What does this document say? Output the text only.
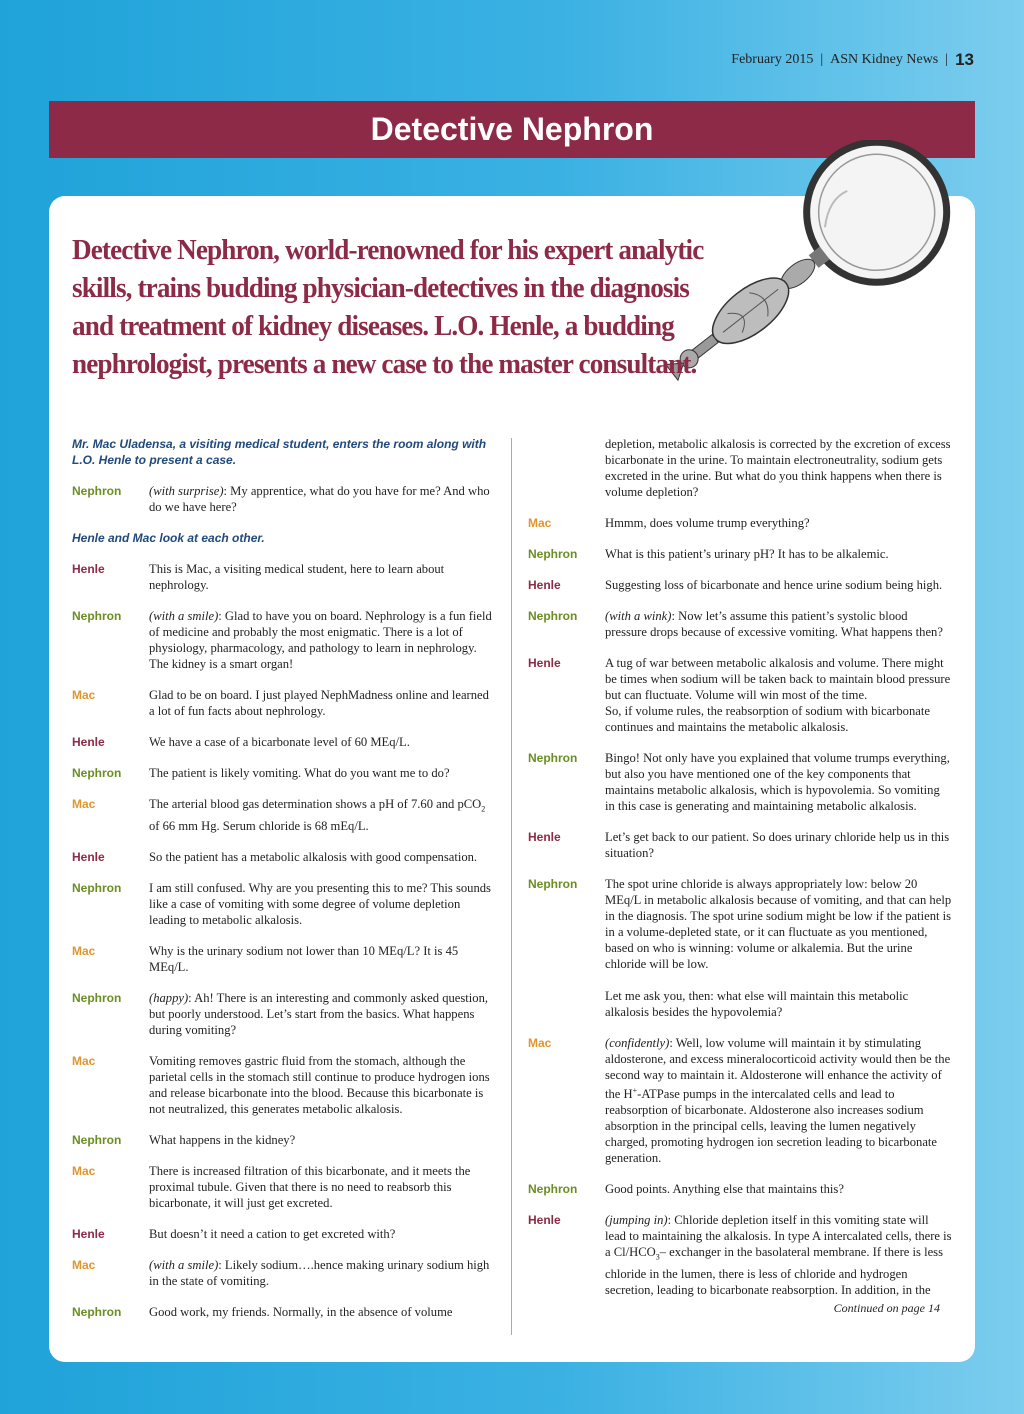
February 2015 | ASN Kidney News | 13
Detective Nephron
Detective Nephron, world-renowned for his expert analytic skills, trains budding physician-detectives in the diagnosis and treatment of kidney diseases. L.O. Henle, a budding nephrologist, presents a new case to the master consultant.
Mr. Mac Uladensa, a visiting medical student, enters the room along with L.O. Henle to present a case.
Nephron	(with surprise): My apprentice, what do you have for me? And who do we have here?
Henle and Mac look at each other.
Henle	This is Mac, a visiting medical student, here to learn about nephrology.
Nephron	(with a smile): Glad to have you on board. Nephrology is a fun field of medicine and probably the most enigmatic. There is a lot of physiology, pharmacology, and pathology to learn in nephrology. The kidney is a smart organ!
Mac	Glad to be on board. I just played NephMadness online and learned a lot of fun facts about nephrology.
Henle	We have a case of a bicarbonate level of 60 MEq/L.
Nephron	The patient is likely vomiting. What do you want me to do?
Mac	The arterial blood gas determination shows a pH of 7.60 and pCO$_2$ of 66 mm Hg. Serum chloride is 68 mEq/L.
Henle	So the patient has a metabolic alkalosis with good compensation.
Nephron	I am still confused. Why are you presenting this to me? This sounds like a case of vomiting with some degree of volume depletion leading to metabolic alkalosis.
Mac	Why is the urinary sodium not lower than 10 MEq/L? It is 45 MEq/L.
Nephron	(happy): Ah! There is an interesting and commonly asked question, but poorly understood. Let’s start from the basics. What happens during vomiting?
Mac	Vomiting removes gastric fluid from the stomach, although the parietal cells in the stomach still continue to produce hydrogen ions and release bicarbonate into the blood. Because this bicarbonate is not neutralized, this generates metabolic alkalosis.
Nephron	What happens in the kidney?
Mac	There is increased filtration of this bicarbonate, and it meets the proximal tubule. Given that there is no need to reabsorb this bicarbonate, it will just get excreted.
Henle	But doesn’t it need a cation to get excreted with?
Mac	(with a smile): Likely sodium….hence making urinary sodium high in the state of vomiting.
Nephron	Good work, my friends. Normally, in the absence of volume
depletion, metabolic alkalosis is corrected by the excretion of excess bicarbonate in the urine. To maintain electroneutrality, sodium gets excreted in the urine. But what do you think happens when there is volume depletion?
Mac	Hmmm, does volume trump everything?
Nephron	What is this patient’s urinary pH? It has to be alkalemic.
Henle	Suggesting loss of bicarbonate and hence urine sodium being high.
Nephron	(with a wink): Now let’s assume this patient’s systolic blood pressure drops because of excessive vomiting. What happens then?
Henle	A tug of war between metabolic alkalosis and volume. There might be times when sodium will be taken back to maintain blood pressure but can fluctuate. Volume will win most of the time.
So, if volume rules, the reabsorption of sodium with bicarbonate continues and maintains the metabolic alkalosis.
Nephron	Bingo! Not only have you explained that volume trumps everything, but also you have mentioned one of the key components that maintains metabolic alkalosis, which is hypovolemia. So vomiting in this case is generating and maintaining metabolic alkalosis.
Henle	Let’s get back to our patient. So does urinary chloride help us in this situation?
Nephron	The spot urine chloride is always appropriately low: below 20 MEq/L in metabolic alkalosis because of vomiting, and that can help in the diagnosis. The spot urine sodium might be low if the patient is in a volume-depleted state, or it can fluctuate as you mentioned, based on who is winning: volume or alkalemia. But the urine chloride will be low.
Let me ask you, then: what else will maintain this metabolic alkalosis besides the hypovolemia?
Mac	(confidently): Well, low volume will maintain it by stimulating aldosterone, and excess mineralocorticoid activity would then be the second way to maintain it. Aldosterone will enhance the activity of the H+-ATPase pumps in the intercalated cells and lead to reabsorption of bicarbonate. Aldosterone also increases sodium absorption in the principal cells, leaving the lumen negatively charged, promoting hydrogen ion secretion leading to bicarbonate generation.
Nephron	Good points. Anything else that maintains this?
Henle	(jumping in): Chloride depletion itself in this vomiting state will lead to maintaining the alkalosis. In type A intercalated cells, there is a $Cl/HCO_3-$ exchanger in the basolateral membrane. If there is less chloride in the lumen, there is less of chloride and hydrogen secretion, leading to bicarbonate reabsorption. In addition, in the
Continued on page 14
